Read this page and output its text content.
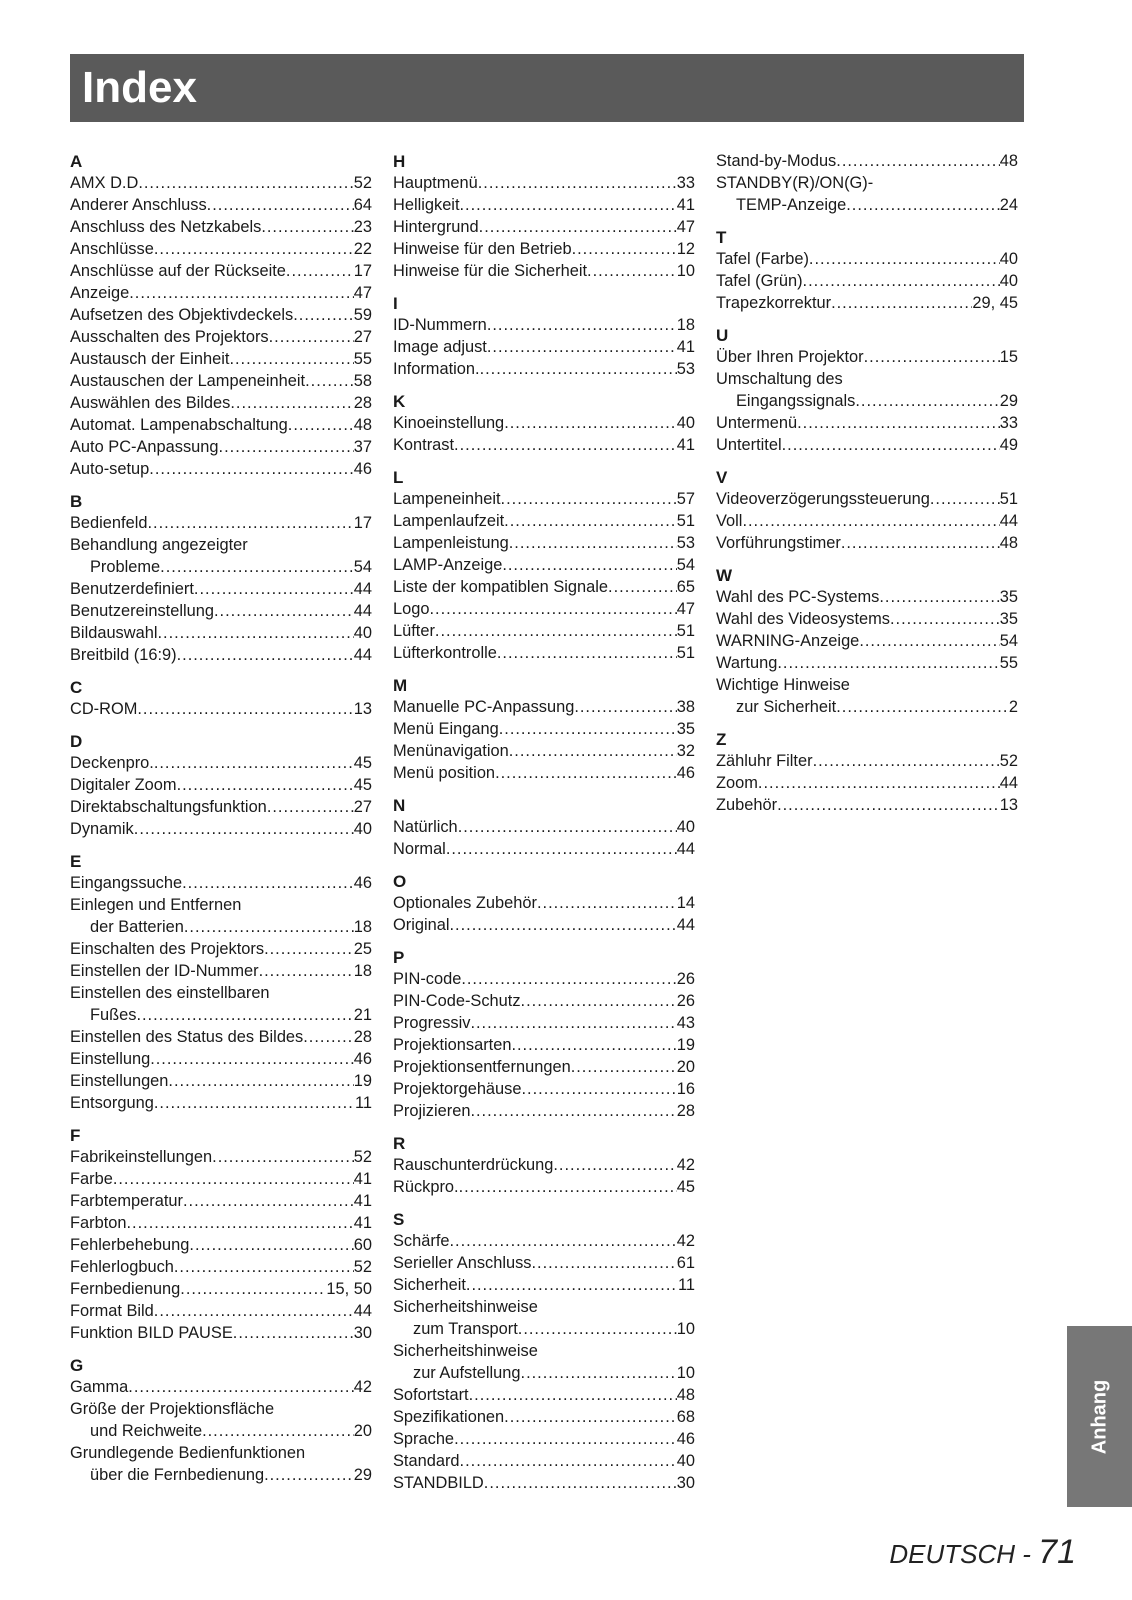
Index
A
AMX D.D .....	52
Anderer Anschluss .....	64
Anschluss des Netzkabels .....	23
Anschlüsse .....	22
Anschlüsse auf der Rückseite .....	17
Anzeige .....	47
Aufsetzen des Objektivdeckels .....	59
Ausschalten des Projektors .....	27
Austausch der Einheit .....	55
Austauschen der Lampeneinheit .....	58
Auswählen des Bildes .....	28
Automat. Lampenabschaltung .....	48
Auto PC-Anpassung .....	37
Auto-setup .....	46
B
Bedienfeld .....	17
Behandlung angezeigter
Probleme .....	54
Benutzerdefiniert .....	44
Benutzereinstellung .....	44
Bildauswahl .....	40
Breitbild (16:9) .....	44
C
CD-ROM .....	13
D
Deckenpro. .....	45
Digitaler Zoom .....	45
Direktabschaltungsfunktion .....	27
Dynamik .....	40
E
Eingangssuche .....	46
Einlegen und Entfernen
der Batterien .....	18
Einschalten des Projektors .....	25
Einstellen der ID-Nummer .....	18
Einstellen des einstellbaren
Fußes .....	21
Einstellen des Status des Bildes .....	28
Einstellung .....	46
Einstellungen .....	19
Entsorgung .....	11
F
Fabrikeinstellungen .....	52
Farbe .....	41
Farbtemperatur .....	41
Farbton .....	41
Fehlerbehebung .....	60
Fehlerlogbuch .....	52
Fernbedienung .....	15, 50
Format Bild .....	44
Funktion BILD PAUSE .....	30
G
Gamma .....	42
Größe der Projektionsfläche
und Reichweite .....	20
Grundlegende Bedienfunktionen
über die Fernbedienung .....	29
H
Hauptmenü .....	33
Helligkeit .....	41
Hintergrund .....	47
Hinweise für den Betrieb .....	12
Hinweise für die Sicherheit .....	10
I
ID-Nummern .....	18
Image adjust .....	41
Information. .....	53
K
Kinoeinstellung .....	40
Kontrast .....	41
L
Lampeneinheit .....	57
Lampenlaufzeit .....	51
Lampenleistung .....	53
LAMP-Anzeige .....	54
Liste der kompatiblen Signale .....	65
Logo .....	47
Lüfter .....	51
Lüfterkontrolle .....	51
M
Manuelle PC-Anpassung .....	38
Menü Eingang .....	35
Menünavigation .....	32
Menü position .....	46
N
Natürlich .....	40
Normal .....	44
O
Optionales Zubehör .....	14
Original .....	44
P
PIN-code .....	26
PIN-Code-Schutz .....	26
Progressiv .....	43
Projektionsarten .....	19
Projektionsentfernungen .....	20
Projektorgehäuse .....	16
Projizieren .....	28
R
Rauschunterdrückung .....	42
Rückpro. .....	45
S
Schärfe .....	42
Serieller Anschluss .....	61
Sicherheit .....	11
Sicherheitshinweise
zum Transport .....	10
Sicherheitshinweise
zur Aufstellung .....	10
Sofortstart .....	48
Spezifikationen .....	68
Sprache .....	46
Standard .....	40
STANDBILD .....	30
Stand-by-Modus .....	48
STANDBY(R)/ON(G)-
TEMP-Anzeige .....	24
T
Tafel (Farbe) .....	40
Tafel (Grün) .....	40
Trapezkorrektur .....	29, 45
U
Über Ihren Projektor .....	15
Umschaltung des
Eingangssignals .....	29
Untermenü .....	33
Untertitel .....	49
V
Videoverzögerungssteuerung .....	51
Voll .....	44
Vorführungstimer .....	48
W
Wahl des PC-Systems .....	35
Wahl des Videosystems .....	35
WARNING-Anzeige .....	54
Wartung .....	55
Wichtige Hinweise
zur Sicherheit .....	2
Z
Zähluhr Filter .....	52
Zoom .....	44
Zubehör .....	13
Anhang
DEUTSCH - 71
